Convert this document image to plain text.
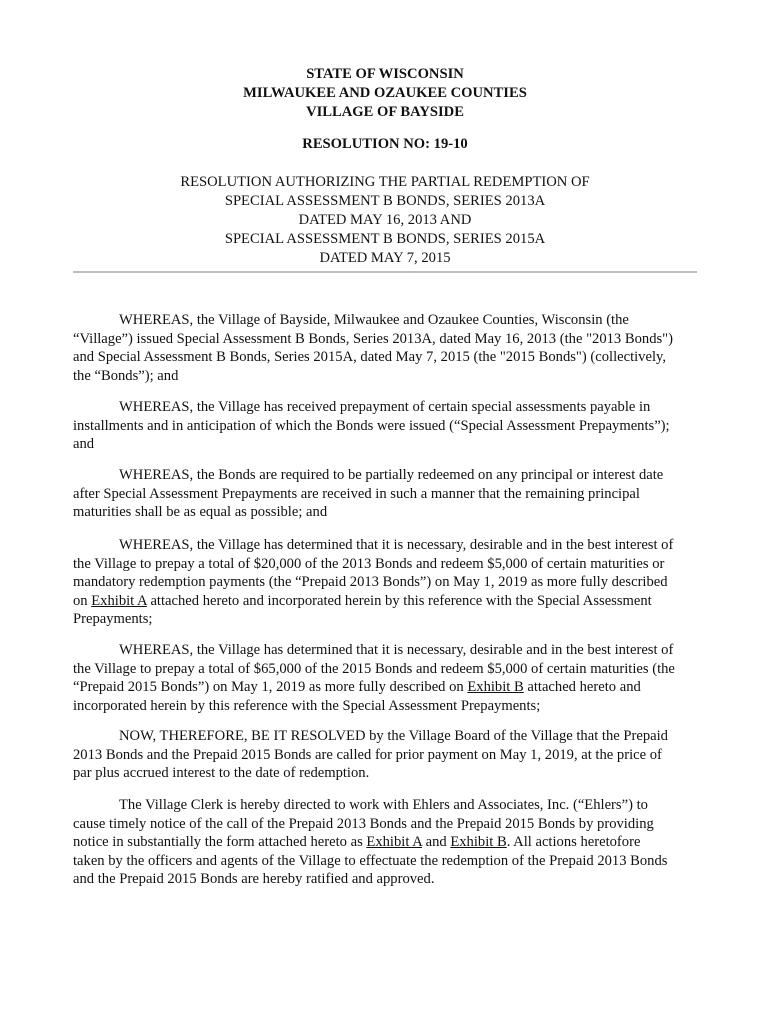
STATE OF WISCONSIN
MILWAUKEE AND OZAUKEE COUNTIES
VILLAGE OF BAYSIDE
RESOLUTION NO: 19-10
RESOLUTION AUTHORIZING THE PARTIAL REDEMPTION OF
SPECIAL ASSESSMENT B BONDS, SERIES 2013A
DATED MAY 16, 2013 AND
SPECIAL ASSESSMENT B BONDS, SERIES 2015A
DATED MAY 7, 2015

WHEREAS, the Village of Bayside, Milwaukee and Ozaukee Counties, Wisconsin (the
“Village”) issued Special Assessment B Bonds, Series 2013A, dated May 16, 2013 (the "2013 Bonds")
and Special Assessment B Bonds, Series 2015A, dated May 7, 2015 (the "2015 Bonds") (collectively,
the “Bonds”); and

WHEREAS, the Village has received prepayment of certain special assessments payable in
installments and in anticipation of which the Bonds were issued (“Special Assessment Prepayments”);
and

WHEREAS, the Bonds are required to be partially redeemed on any principal or interest date
after Special Assessment Prepayments are received in such a manner that the remaining principal
maturities shall be as equal as possible; and

WHEREAS, the Village has determined that it is necessary, desirable and in the best interest of
the Village to prepay a total of $20,000 of the 2013 Bonds and redeem $5,000 of certain maturities or
mandatory redemption payments (the “Prepaid 2013 Bonds”) on May 1, 2019 as more fully described
on Exhibit A attached hereto and incorporated herein by this reference with the Special Assessment
Prepayments;

WHEREAS, the Village has determined that it is necessary, desirable and in the best interest of
the Village to prepay a total of $65,000 of the 2015 Bonds and redeem $5,000 of certain maturities (the
“Prepaid 2015 Bonds”) on May 1, 2019 as more fully described on Exhibit B attached hereto and
incorporated herein by this reference with the Special Assessment Prepayments;

NOW, THEREFORE, BE IT RESOLVED by the Village Board of the Village that the Prepaid
2013 Bonds and the Prepaid 2015 Bonds are called for prior payment on May 1, 2019, at the price of
par plus accrued interest to the date of redemption.

The Village Clerk is hereby directed to work with Ehlers and Associates, Inc. (“Ehlers”) to
cause timely notice of the call of the Prepaid 2013 Bonds and the Prepaid 2015 Bonds by providing
notice in substantially the form attached hereto as Exhibit A and Exhibit B. All actions heretofore
taken by the officers and agents of the Village to effectuate the redemption of the Prepaid 2013 Bonds
and the Prepaid 2015 Bonds are hereby ratified and approved.
